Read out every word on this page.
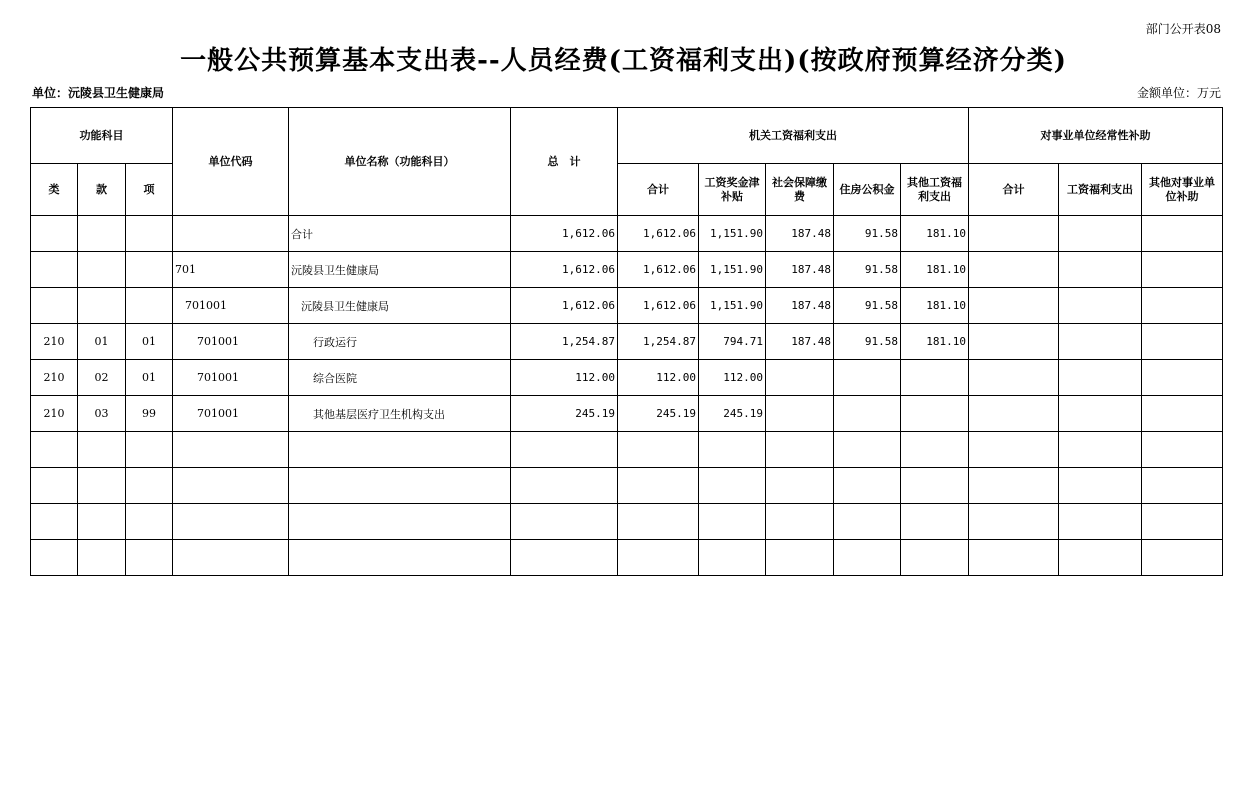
部门公开表08
一般公共预算基本支出表--人员经费(工资福利支出)(按政府预算经济分类)
单位：沅陵县卫生健康局	金额单位：万元
功能科目			单位代码	单位名称（功能科目）	总　计	机关工资福利支出					对事业单位经常性补助		
类	款	项				合计	工资奖金津补贴	社会保障缴费	住房公积金	其他工资福利支出	合计	工资福利支出	其他对事业单位补助
				合计	1,612.06	1,612.06	1,151.90	187.48	91.58	181.10			
			701	沅陵县卫生健康局	1,612.06	1,612.06	1,151.90	187.48	91.58	181.10			
			701001	沅陵县卫生健康局	1,612.06	1,612.06	1,151.90	187.48	91.58	181.10			
210	01	01	701001	行政运行	1,254.87	1,254.87	794.71	187.48	91.58	181.10			
210	02	01	701001	综合医院	112.00	112.00	112.00						
210	03	99	701001	其他基层医疗卫生机构支出	245.19	245.19	245.19						
